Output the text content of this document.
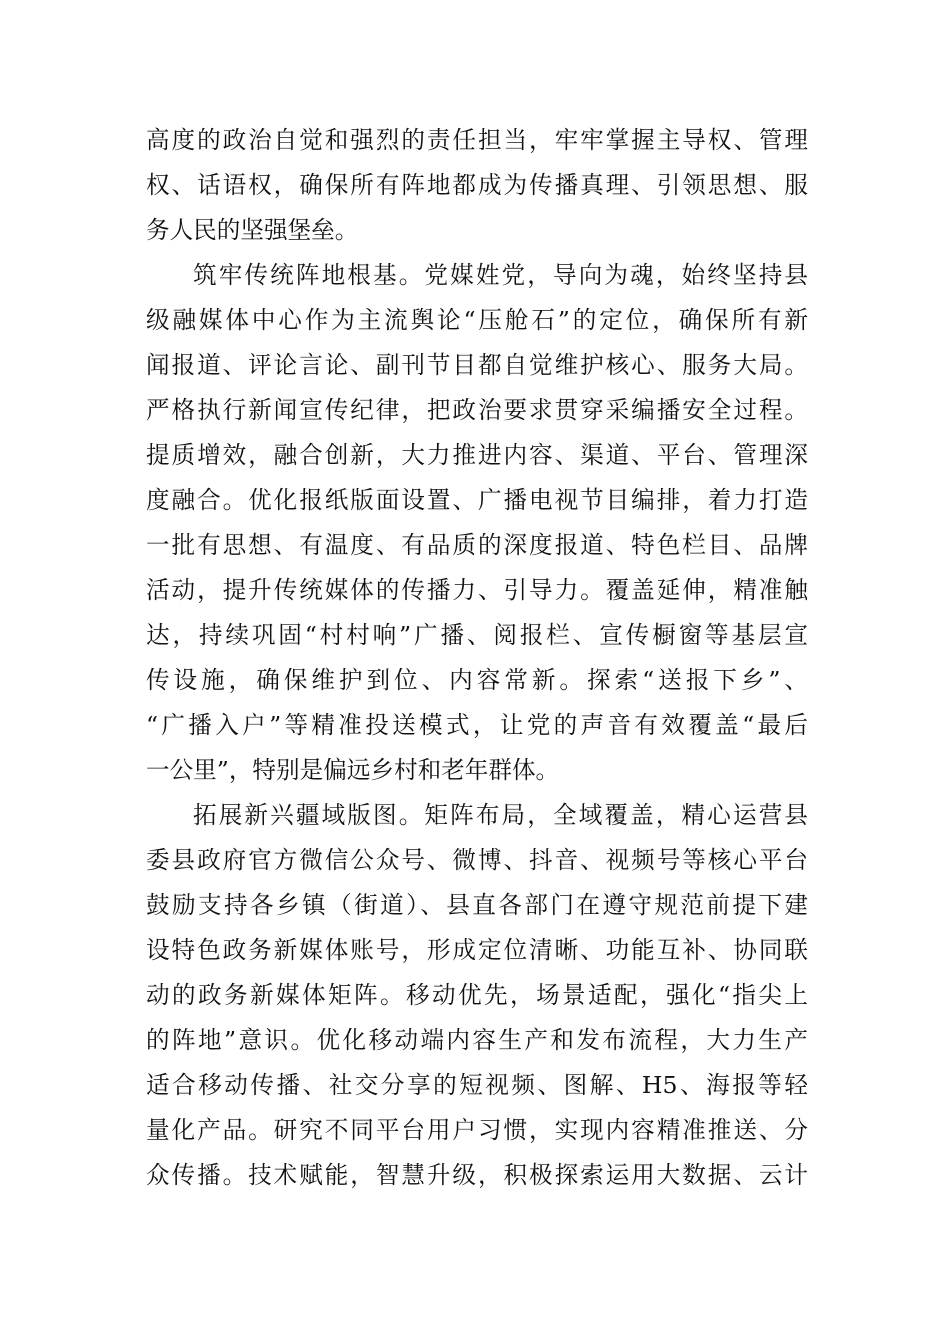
高度的政治自觉和强烈的责任担当，牢牢掌握主导权、管理
权、话语权，确保所有阵地都成为传播真理、引领思想、服
务人民的坚强堡垒。
筑牢传统阵地根基。党媒姓党，导向为魂，始终坚持县
级融媒体中心作为主流舆论“压舱石”的定位，确保所有新
闻报道、评论言论、副刊节目都自觉维护核心、服务大局。
严格执行新闻宣传纪律，把政治要求贯穿采编播安全过程。
提质增效，融合创新，大力推进内容、渠道、平台、管理深
度融合。优化报纸版面设置、广播电视节目编排，着力打造
一批有思想、有温度、有品质的深度报道、特色栏目、品牌
活动，提升传统媒体的传播力、引导力。覆盖延伸，精准触
达，持续巩固“村村响”广播、阅报栏、宣传橱窗等基层宣
传设施，确保维护到位、内容常新。探索“送报下乡”、
“广播入户”等精准投送模式，让党的声音有效覆盖“最后
一公里”，特别是偏远乡村和老年群体。
拓展新兴疆域版图。矩阵布局，全域覆盖，精心运营县
委县政府官方微信公众号、微博、抖音、视频号等核心平台
鼓励支持各乡镇（街道）、县直各部门在遵守规范前提下建
设特色政务新媒体账号，形成定位清晰、功能互补、协同联
动的政务新媒体矩阵。移动优先，场景适配，强化“指尖上
的阵地”意识。优化移动端内容生产和发布流程，大力生产
适合移动传播、社交分享的短视频、图解、H5、海报等轻
量化产品。研究不同平台用户习惯，实现内容精准推送、分
众传播。技术赋能，智慧升级，积极探索运用大数据、云计
